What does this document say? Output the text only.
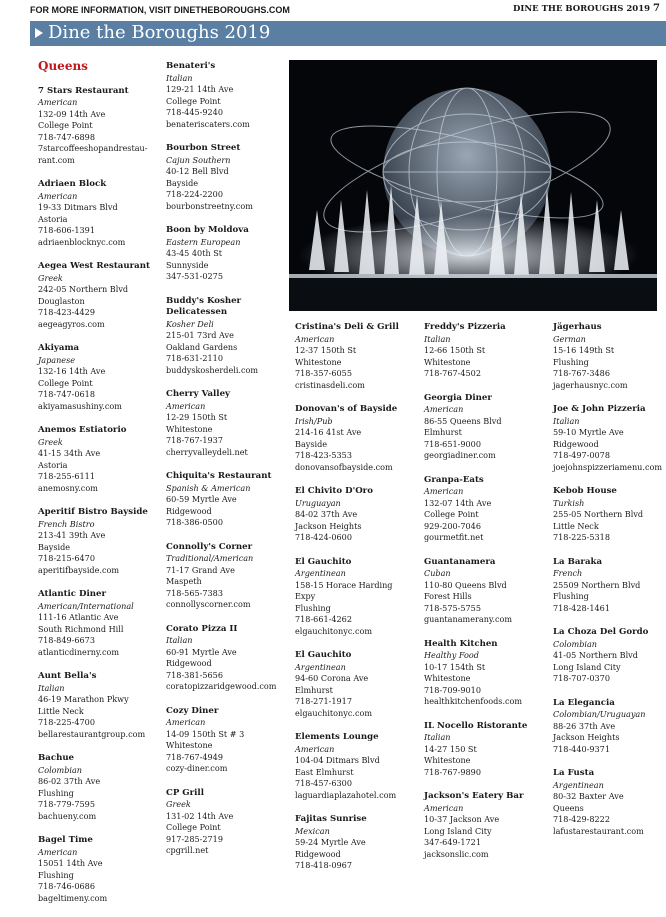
FOR MORE INFORMATION, VISIT DINETHEBOROUGHS.COM	DINE THE BOROUGHS 2019 7
Dine the Boroughs 2019
Queens
7 Stars Restaurant
American
132-09 14th Ave
College Point
718-747-6898
7starcoffeeshopandrestau-
rant.com
Adriaen Block
American
19-33 Ditmars Blvd
Astoria
718-606-1391
adriaenblocknyc.com
Aegea West Restaurant
Greek
242-05 Northern Blvd
Douglaston
718-423-4429
aegeagyros.com
Akiyama
Japanese
132-16 14th Ave
College Point
718-747-0618
akiyamasushiny.com
Anemos Estiatorio
Greek
41-15 34th Ave
Astoria
718-255-6111
anemosny.com
Aperitif Bistro Bayside
French Bistro
213-41 39th Ave
Bayside
718-215-6470
aperitifbayside.com
Atlantic Diner
American/International
111-16 Atlantic Ave
South Richmond Hill
718-849-6673
atlanticdinerny.com
Aunt Bella's
Italian
46-19 Marathon Pkwy
Little Neck
718-225-4700
bellarestaurantgroup.com
Bachue
Colombian
86-02 37th Ave
Flushing
718-779-7595
bachueny.com
Bagel Time
American
15051 14th Ave
Flushing
718-746-0686
bageltimeny.com
Benateri's
Italian
129-21 14th Ave
College Point
718-445-9240
benateriscaters.com
Bourbon Street
Cajun Southern
40-12 Bell Blvd
Bayside
718-224-2200
bourbonstreetny.com
Boon by Moldova
Eastern European
43-45 40th St
Sunnyside
347-531-0275
Buddy's Kosher Delicatessen
Kosher Deli
215-01 73rd Ave
Oakland Gardens
718-631-2110
buddyskosherdeli.com
Cherry Valley
American
12-29 150th St
Whitestone
718-767-1937
cherryvalleydeli.net
Chiquita's Restaurant
Spanish & American
60-59 Myrtle Ave
Ridgewood
718-386-0500
Connolly's Corner
Traditional/American
71-17 Grand Ave
Maspeth
718-565-7383
connollyscorner.com
Corato Pizza II
Italian
60-91 Myrtle Ave
Ridgewood
718-381-5656
coratopizzaridgewood.com
Cozy Diner
American
14-09 150th St # 3
Whitestone
718-767-4949
cozy-diner.com
CP Grill
Greek
131-02 14th Ave
College Point
917-285-2719
cpgrill.net
Cristina's Deli & Grill
American
12-37 150th St
Whitestone
718-357-6055
cristinasdeli.com
Donovan's of Bayside
Irish/Pub
214-16 41st Ave
Bayside
718-423-5353
donovansofbayside.com
El Chivito D'Oro
Uruguayan
84-02 37th Ave
Jackson Heights
718-424-0600
El Gauchito
Argentinean
158-15 Horace Harding
Expy
Flushing
718-661-4262
elgauchitonyc.com
El Gauchito
Argentinean
94-60 Corona Ave
Elmhurst
718-271-1917
elgauchitonyc.com
Elements Lounge
American
104-04 Ditmars Blvd
East Elmhurst
718-457-6300
laguardiaplazahotel.com
Fajitas Sunrise
Mexican
59-24 Myrtle Ave
Ridgewood
718-418-0967
Freddy's Pizzeria
Italian
12-66 150th St
Whitestone
718-767-4502
Georgia Diner
American
86-55 Queens Blvd
Elmhurst
718-651-9000
georgiadiner.com
Granpa-Eats
American
132-07 14th Ave
College Point
929-200-7046
gourmetfit.net
Guantanamera
Cuban
110-80 Queens Blvd
Forest Hills
718-575-5755
guantanamerany.com
Health Kitchen
Healthy Food
10-17 154th St
Whitestone
718-709-9010
healthkitchenfoods.com
IL Nocello Ristorante
Italian
14-27 150 St
Whitestone
718-767-9890
Jackson's Eatery Bar
American
10-37 Jackson Ave
Long Island City
347-649-1721
jacksonslic.com
Jägerhaus
German
15-16 149th St
Flushing
718-767-3486
jagerhausnyc.com
Joe & John Pizzeria
Italian
59-10 Myrtle Ave
Ridgewood
718-497-0078
joejohnspizzeriamenu.com
Kebob House
Turkish
255-05 Northern Blvd
Little Neck
718-225-5318
La Baraka
French
25509 Northern Blvd
Flushing
718-428-1461
La Choza Del Gordo
Colombian
41-05 Northern Blvd
Long Island City
718-707-0370
La Elegancia
Colombian/Uruguayan
88-26 37th Ave
Jackson Heights
718-440-9371
La Fusta
Argentinean
80-32 Baxter Ave
Queens
718-429-8222
lafustarestaurant.com
